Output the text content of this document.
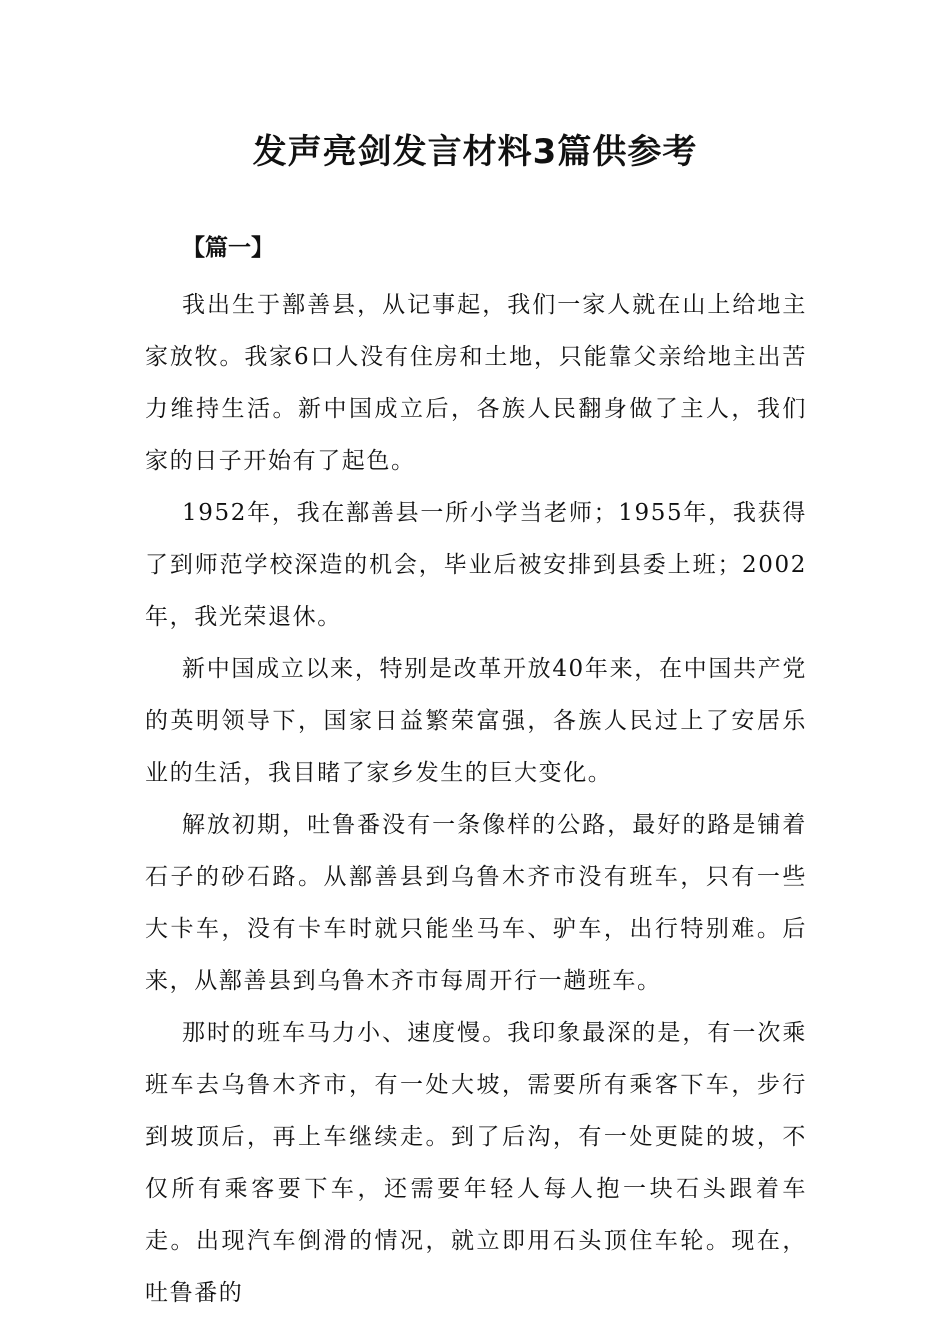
发声亮剑发言材料3篇供参考
【篇一】

我出生于鄯善县，从记事起，我们一家人就在山上给地主家放牧。我家6口人没有住房和土地，只能靠父亲给地主出苦力维持生活。新中国成立后，各族人民翻身做了主人，我们家的日子开始有了起色。

1952年，我在鄯善县一所小学当老师；1955年，我获得了到师范学校深造的机会，毕业后被安排到县委上班；2002年，我光荣退休。

新中国成立以来，特别是改革开放40年来，在中国共产党的英明领导下，国家日益繁荣富强，各族人民过上了安居乐业的生活，我目睹了家乡发生的巨大变化。

解放初期，吐鲁番没有一条像样的公路，最好的路是铺着石子的砂石路。从鄯善县到乌鲁木齐市没有班车，只有一些大卡车，没有卡车时就只能坐马车、驴车，出行特别难。后来，从鄯善县到乌鲁木齐市每周开行一趟班车。

那时的班车马力小、速度慢。我印象最深的是，有一次乘班车去乌鲁木齐市，有一处大坡，需要所有乘客下车，步行到坡顶后，再上车继续走。到了后沟，有一处更陡的坡，不仅所有乘客要下车，还需要年轻人每人抱一块石头跟着车走。出现汽车倒滑的情况，就立即用石头顶住车轮。现在，吐鲁番的
